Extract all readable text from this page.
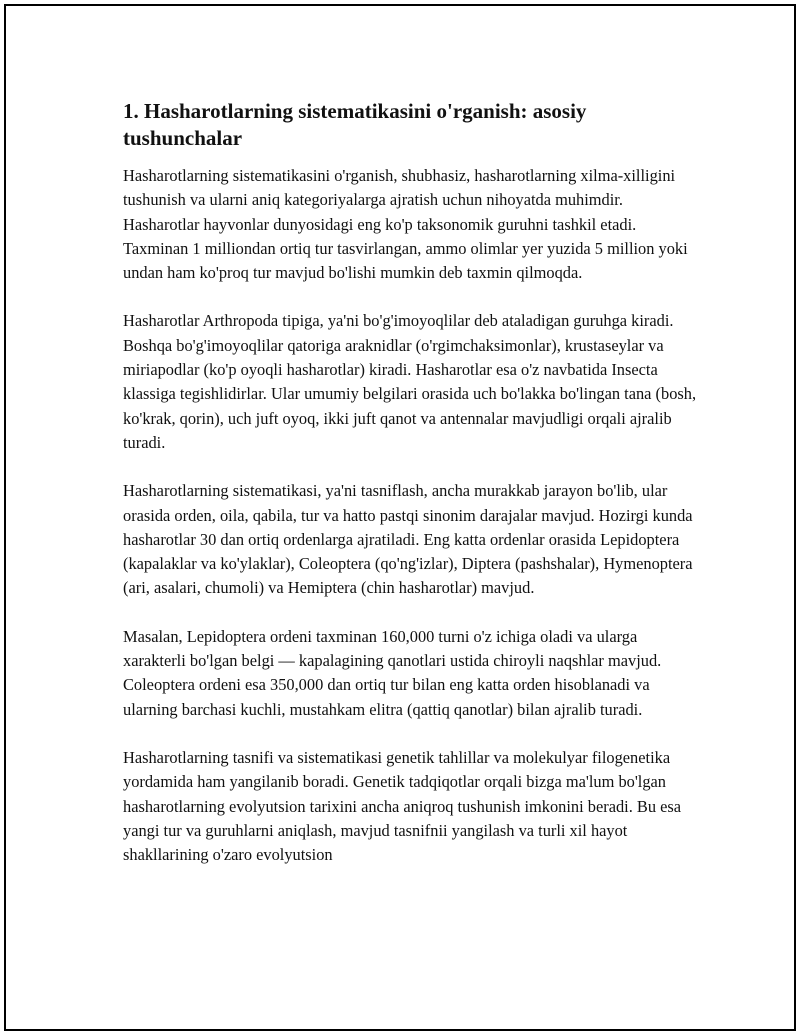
1. Hasharotlarning sistematikasini o'rganish: asosiy tushunchalar

Hasharotlarning sistematikasini o'rganish, shubhasiz, hasharotlarning xilma-xilligini tushunish va ularni aniq kategoriyalarga ajratish uchun nihoyatda muhimdir. Hasharotlar hayvonlar dunyosidagi eng ko'p taksonomik guruhni tashkil etadi. Taxminan 1 milliondan ortiq tur tasvirlangan, ammo olimlar yer yuzida 5 million yoki undan ham ko'proq tur mavjud bo'lishi mumkin deb taxmin qilmoqda.

Hasharotlar Arthropoda tipiga, ya'ni bo'g'imoyoqlilar deb ataladigan guruhga kiradi. Boshqa bo'g'imoyoqlilar qatoriga araknidlar (o'rgimchaksimonlar), krustaseylar va miriapodlar (ko'p oyoqli hasharotlar) kiradi. Hasharotlar esa o'z navbatida Insecta klassiga tegishlidirlar. Ular umumiy belgilari orasida uch bo'lakka bo'lingan tana (bosh, ko'krak, qorin), uch juft oyoq, ikki juft qanot va antennalar mavjudligi orqali ajralib turadi.

Hasharotlarning sistematikasi, ya'ni tasniflash, ancha murakkab jarayon bo'lib, ular orasida orden, oila, qabila, tur va hatto pastqi sinonim darajalar mavjud. Hozirgi kunda hasharotlar 30 dan ortiq ordenlarga ajratiladi. Eng katta ordenlar orasida Lepidoptera (kapalaklar va ko'ylaklar), Coleoptera (qo'ng'izlar), Diptera (pashshalar), Hymenoptera (ari, asalari, chumoli) va Hemiptera (chin hasharotlar) mavjud.

Masalan, Lepidoptera ordeni taxminan 160,000 turni o'z ichiga oladi va ularga xarakterli bo'lgan belgi — kapalagining qanotlari ustida chiroyli naqshlar mavjud. Coleoptera ordeni esa 350,000 dan ortiq tur bilan eng katta orden hisoblanadi va ularning barchasi kuchli, mustahkam elitra (qattiq qanotlar) bilan ajralib turadi.

Hasharotlarning tasnifi va sistematikasi genetik tahlillar va molekulyar filogenetika yordamida ham yangilanib boradi. Genetik tadqiqotlar orqali bizga ma'lum bo'lgan hasharotlarning evolyutsion tarixini ancha aniqroq tushunish imkonini beradi. Bu esa yangi tur va guruhlarni aniqlash, mavjud tasnifnii yangilash va turli xil hayot shakllarining o'zaro evolyutsion
